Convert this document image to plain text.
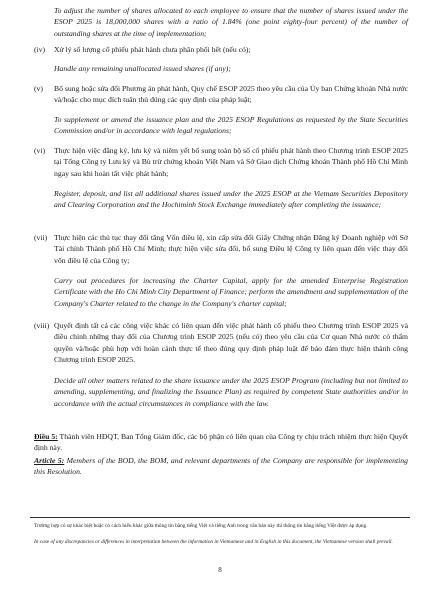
To adjust the number of shares allocated to each employee to ensure that the number of shares issued under the ESOP 2025 is 18,000,000 shares with a ratio of 1.84% (one point eighty-four percent) of the number of outstanding shares at the time of implementation;

(iv) Xử lý số lượng cổ phiếu phát hành chưa phân phối hết (nếu có);

Handle any remaining unallocated issued shares (if any);

(v) Bổ sung hoặc sửa đổi Phương án phát hành, Quy chế ESOP 2025 theo yêu cầu của Ủy ban Chứng khoán Nhà nước và/hoặc cho mục đích tuân thủ đúng các quy định của pháp luật;

To supplement or amend the issuance plan and the 2025 ESOP Regulations as requested by the State Securities Commission and/or in accordance with legal regulations;

(vi) Thực hiện việc đăng ký, lưu ký và niêm yết bổ sung toàn bộ số cổ phiếu phát hành theo Chương trình ESOP 2025 tại Tổng Công ty Lưu ký và Bù trừ chứng khoán Việt Nam và Sở Giao dịch Chứng khoán Thành phố Hồ Chí Minh ngay sau khi hoàn tất việc phát hành;

Register, deposit, and list all additional shares issued under the 2025 ESOP at the Vietnam Securities Depository and Clearing Corporation and the Hochiminh Stock Exchange immediately after completing the issuance;

(vii) Thực hiện các thủ tục thay đổi tăng Vốn điều lệ, xin cấp sửa đổi Giấy Chứng nhận Đăng ký Doanh nghiệp với Sở Tài chính Thành phố Hồ Chí Minh; thực hiện việc sửa đổi, bổ sung Điều lệ Công ty liên quan đến việc thay đổi vốn điều lệ của Công ty;

Carry out procedures for increasing the Charter Capital, apply for the amended Enterprise Registration Certificate with the Ho Chi Minh City Department of Finance; perform the amendment and supplementation of the Company's Charter related to the change in the Company's charter capital;

(viii) Quyết định tất cả các công việc khác có liên quan đến việc phát hành cổ phiếu theo Chương trình ESOP 2025 và điều chỉnh những thay đổi của Chương trình ESOP 2025 (nếu có) theo yêu cầu của Cơ quan Nhà nước có thẩm quyền và/hoặc phù hợp với hoàn cảnh thực tế theo đúng quy định pháp luật để bảo đảm thực hiện thành công Chương trình ESOP 2025.

Decide all other matters related to the share issuance under the 2025 ESOP Program (including but not limited to amending, supplementing, and finalizing the Issuance Plan) as required by competent State authorities and/or in accordance with the actual circumstances in compliance with the law.

Điều 5: Thành viên HĐQT, Ban Tổng Giám đốc, các bộ phận có liên quan của Công ty chịu trách nhiệm thực hiện Quyết định này.

Article 5: Members of the BOD, the BOM, and relevant departments of the Company are responsible for implementing this Resolution.

Trường hợp có sự khác biệt hoặc có cách hiểu khác giữa thông tin bằng tiếng Việt và tiếng Anh trong văn bản này thì thông tin bằng tiếng Việt được áp dụng.

In case of any discrepancies or differences in interpretation between the information in Vietnamese and in English in this document, the Vietnamese version shall prevail.

8
